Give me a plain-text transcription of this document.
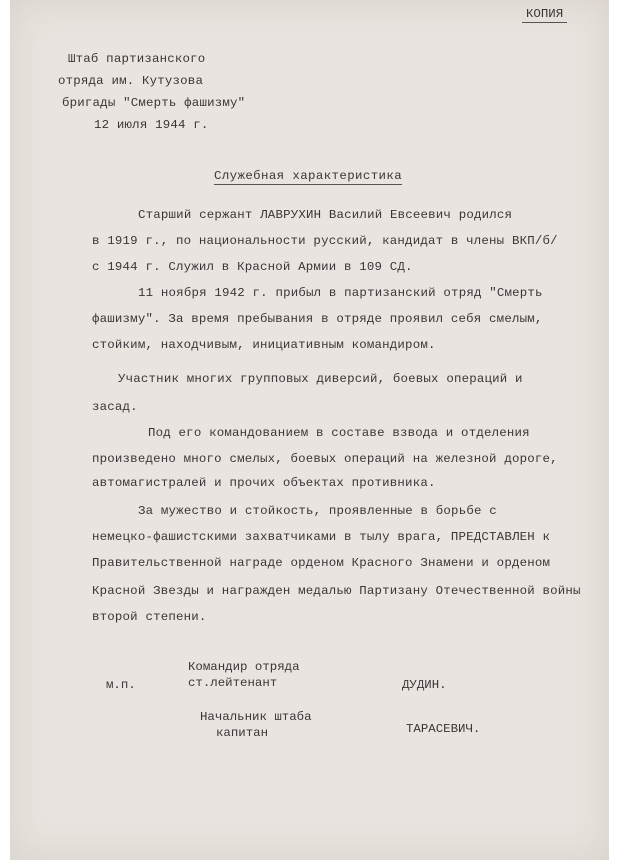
КОПИЯ
Штаб партизанского
отряда им. Кутузова
бригады "Смерть фашизму"
12 июля 1944 г.
Служебная характеристика
Старший сержант ЛАВРУХИН Василий Евсеевич родился
в 1919 г., по национальности русский, кандидат в члены ВКП/б/
с 1944 г. Служил в Красной Армии в 109 СД.
11 ноября 1942 г. прибыл в партизанский отряд "Смерть
фашизму". За время пребывания в отряде проявил себя смелым,
стойким, находчивым, инициативным командиром.
Участник многих групповых диверсий, боевых операций и
засад.
Под его командованием в составе взвода и отделения
произведено много смелых, боевых операций на железной дороге,
автомагистралей и прочих объектах противника.
За мужество и стойкость, проявленные в борьбе с
немецко-фашистскими захватчиками в тылу врага, ПРЕДСТАВЛЕН к
Правительственной награде орденом Красного Знамени и орденом
Красной Звезды и награжден медалью Партизану Отечественной войны
второй степени.
Командир отряда
м.п.	ст.лейтенант	ДУДИН.
Начальник штаба
капитан	ТАРАСЕВИЧ.
